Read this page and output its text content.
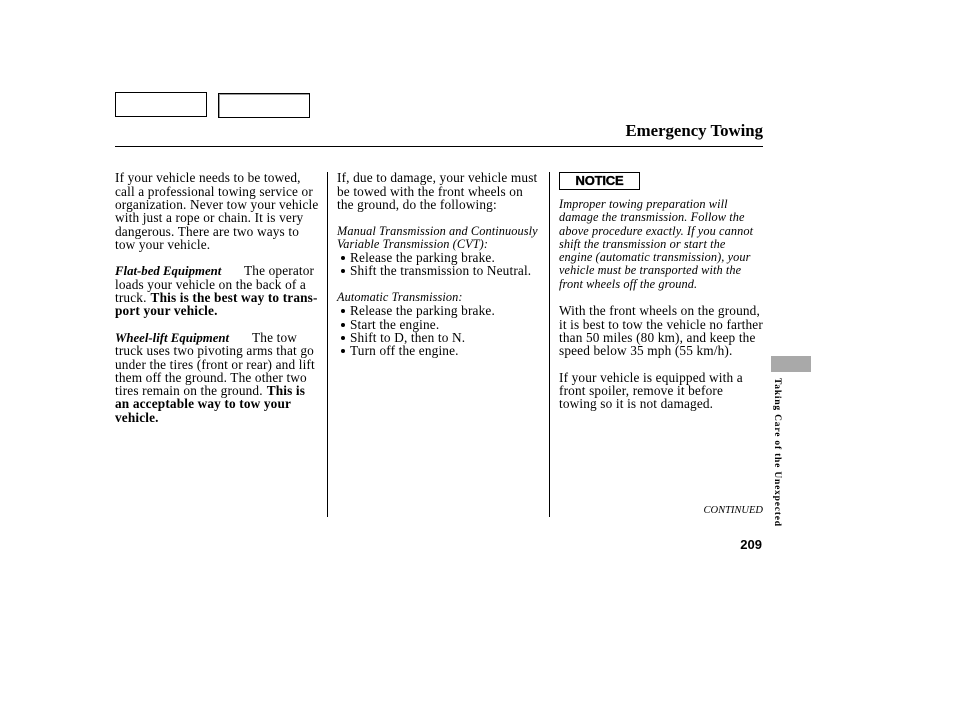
Emergency Towing
If your vehicle needs to be towed,
call a professional towing service or
organization. Never tow your vehicle
with just a rope or chain. It is very
dangerous. There are two ways to
tow your vehicle.
Flat-bed Equipment The operator
loads your vehicle on the back of a
truck. This is the best way to trans-
port your vehicle.
Wheel-lift Equipment The tow
truck uses two pivoting arms that go
under the tires (front or rear) and lift
them off the ground. The other two
tires remain on the ground. This is
an acceptable way to tow your
vehicle.
If, due to damage, your vehicle must
be towed with the front wheels on
the ground, do the following:
Manual Transmission and Continuously
Variable Transmission (CVT):
Release the parking brake.
Shift the transmission to Neutral.
Automatic Transmission:
Release the parking brake.
Start the engine.
Shift to D, then to N.
Turn off the engine.
NOTICE
Improper towing preparation will
damage the transmission. Follow the
above procedure exactly. If you cannot
shift the transmission or start the
engine (automatic transmission), your
vehicle must be transported with the
front wheels off the ground.
With the front wheels on the ground,
it is best to tow the vehicle no farther
than 50 miles (80 km), and keep the
speed below 35 mph (55 km/h).
If your vehicle is equipped with a
front spoiler, remove it before
towing so it is not damaged.
CONTINUED
209
Taking Care of the Unexpected
